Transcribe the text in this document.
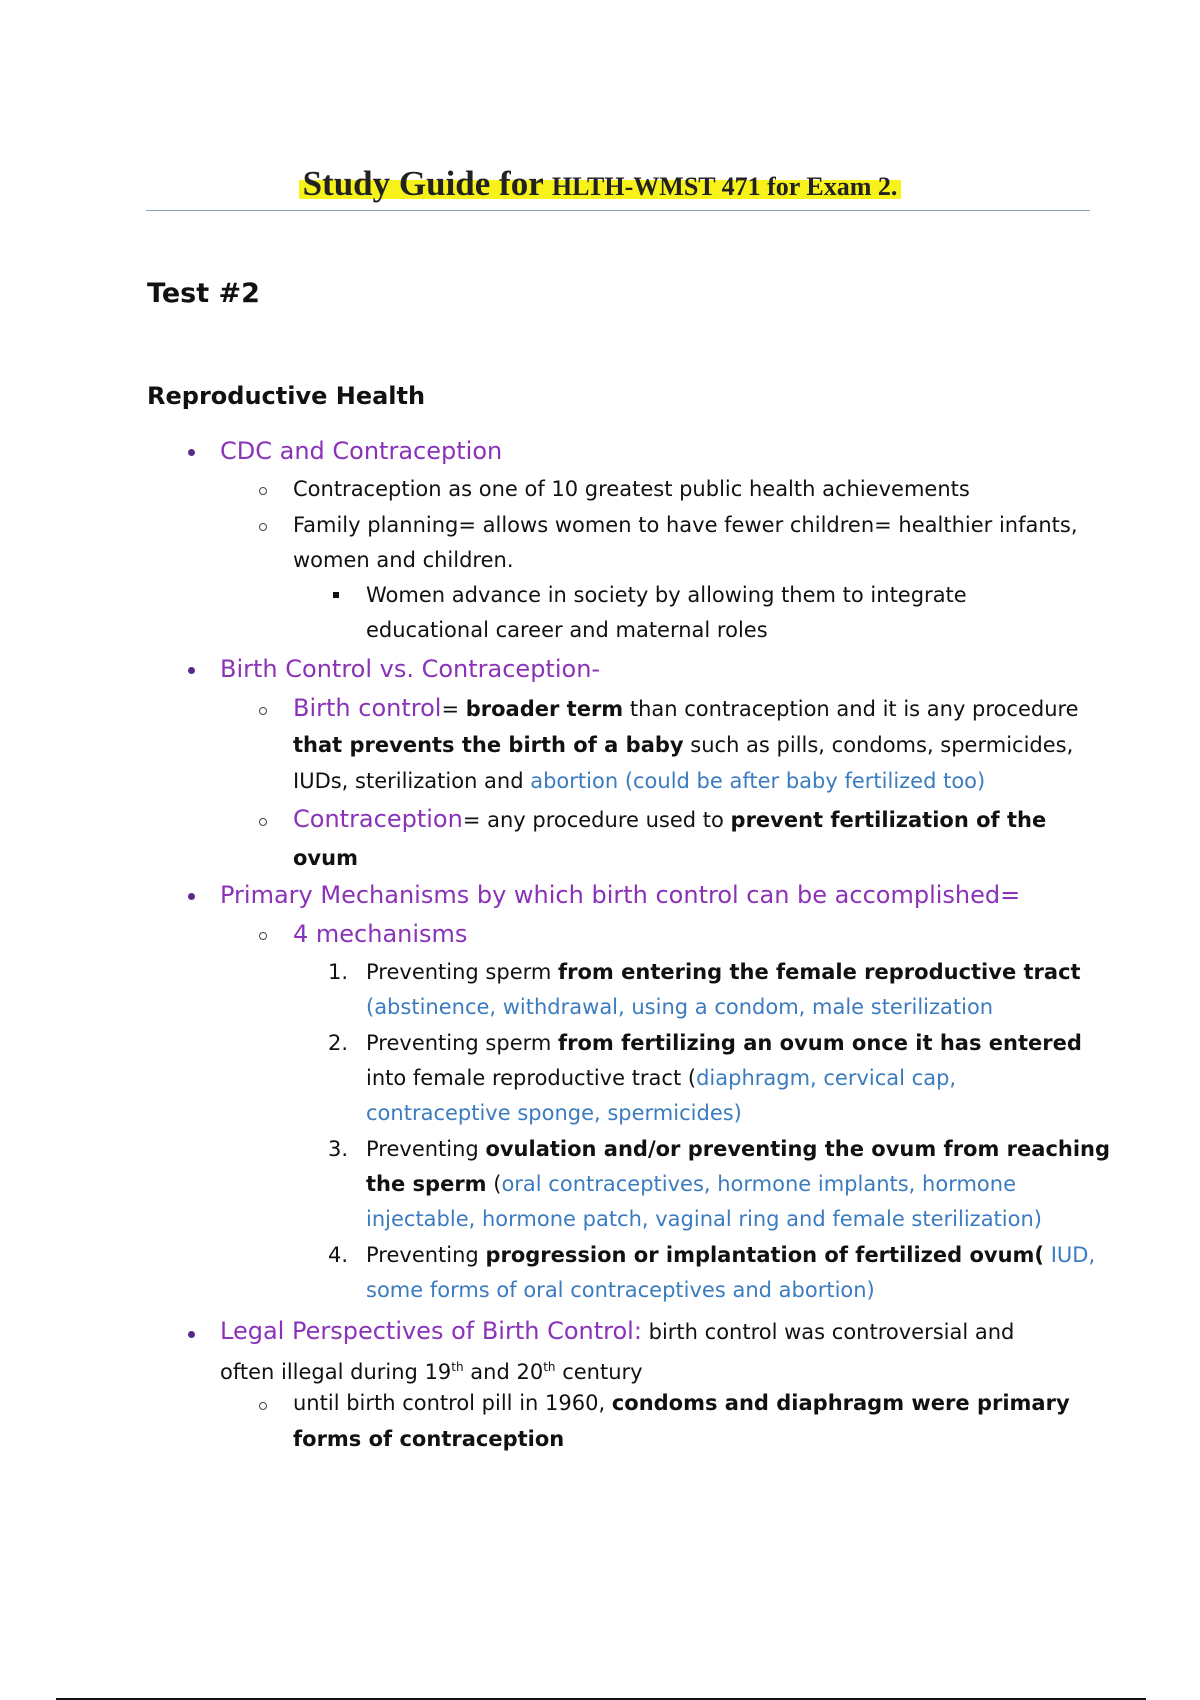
Study Guide for HLTH-WMST 471 for Exam 2.
Test #2
Reproductive Health
CDC and Contraception
Contraception as one of 10 greatest public health achievements
Family planning= allows women to have fewer children= healthier infants,
women and children.
Women advance in society by allowing them to integrate
educational career and maternal roles
Birth Control vs. Contraception-
Birth control= broader term than contraception and it is any procedure
that prevents the birth of a baby such as pills, condoms, spermicides,
IUDs, sterilization and abortion (could be after baby fertilized too)
Contraception= any procedure used to prevent fertilization of the
ovum
Primary Mechanisms by which birth control can be accomplished=
4 mechanisms
1. Preventing sperm from entering the female reproductive tract
(abstinence, withdrawal, using a condom, male sterilization
2. Preventing sperm from fertilizing an ovum once it has entered
into female reproductive tract (diaphragm, cervical cap,
contraceptive sponge, spermicides)
3. Preventing ovulation and/or preventing the ovum from reaching
the sperm (oral contraceptives, hormone implants, hormone
injectable, hormone patch, vaginal ring and female sterilization)
4. Preventing progression or implantation of fertilized ovum( IUD,
some forms of oral contraceptives and abortion)
Legal Perspectives of Birth Control: birth control was controversial and
often illegal during 19th and 20th century
until birth control pill in 1960, condoms and diaphragm were primary
forms of contraception
